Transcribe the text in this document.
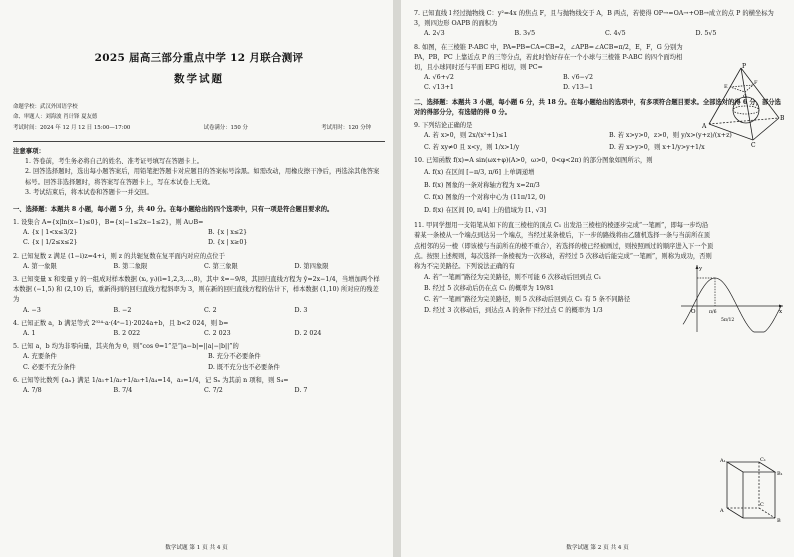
2025 届高三部分重点中学 12 月联合测评
数学试题
命题学校：武汉外国语学校
命、审题人：刘海波 肖计锋 夏友德
考试时间：2024 年 12 月 12 日 15:00—17:00	试卷满分：150 分	考试用时：120 分钟
注意事项：

1. 答卷前，考生务必将自己的姓名、准考证号填写在答题卡上。

2. 回答选择题时，选出每小题答案后，用铅笔把答题卡对应题目的答案标号涂黑。如需改动，用橡皮擦干净后，再选涂其他答案标号。回答非选择题时，将答案写在答题卡上，写在本试卷上无效。

3. 考试结束后，将本试卷和答题卡一并交回。

一、选择题：本题共 8 小题，每小题 5 分，共 40 分。在每小题给出的四个选项中，只有一项是符合题目要求的。
1. 设集合 A={x|ln(x−1)≤0}，B={x|−1≤2x−1≤2}，则 A∪B=
A. {x | 1<x≤3/2}	B. {x | x≤2}
C. {x | 1/2≤x≤2}	D. {x | x≥0}
2. 已知复数 z 满足 (1−i)z=4+i，则 z 的共轭复数在复平面内对应的点位于
A. 第一象限	B. 第二象限	C. 第三象限	D. 第四象限
3. 已知变量 x 和变量 y 的一组成对样本数据 (xᵢ, yᵢ)(i=1,2,3,…,8)，其中 x̄=−9/8，其回归直线方程为 ŷ=2x−1/4，当增加两个样本数据 (−1,5) 和 (2,10) 后，重新得到的回归直线方程斜率为 3，则在新的回归直线方程的估计下，样本数据 (1,10) 所对应的残差为
A. −3	B. −2	C. 2	D. 3
4. 已知正数 a，b 满足等式 2⁰²⁴·a·(4ᵃ−1)·2024a+b，且 b<2 024，则 b=
A. 1	B. 2 022	C. 2 023	D. 2 024
5. 已知 a，b 均为非零向量，其夹角为 θ，则“cos θ=1”是“|a−b|=||a|−|b||”的
A. 充要条件	B. 充分不必要条件
C. 必要不充分条件	D. 既不充分也不必要条件
6. 已知等比数列 {aₙ} 满足 1/a₁+1/a₂+1/a₃+1/a₄=14，a₃=1/4，记 Sₙ 为其前 n 项和，则 S₄=
A. 7/8	B. 7/4	C. 7/2	D. 7
数学试题 第 1 页 共 4 页
7. 已知直线 l 经过抛物线 C：y²=4x 的焦点 F，且与抛物线交于 A，B 两点，若使得 OP→=OA→+OB→成立的点 P 的横坐标为 3，则四边形 OAPB 的面积为
A. 2√3	B. 3√5	C. 4√5	D. 5√5
8. 如图，在三棱锥 P-ABC 中，PA=PB=CA=CB=2，∠APB=∠ACB=π/2，E，F，G 分别为 PA，PB，PC 上靠近点 P 的三等分点，若此时恰好存在一个小球与三棱锥 P-ABC 的四个面均相切，且小球同时还与平面 EFG 相切，则 PC=
A. √6+√2	B. √6−√2
C. √13+1	D. √13−1
二、选择题：本题共 3 小题，每小题 6 分，共 18 分。在每小题给出的选项中，有多项符合题目要求。全部选对的得 6 分，部分选对的得部分分，有选错的得 0 分。
9. 下列结论正确的是
A. 若 x>0，则 2x/(x²+1)≤1	B. 若 x>y>0，z>0，则 y/x>(y+z)/(x+z)
C. 若 xy≠0 且 x<y，则 1/x>1/y	D. 若 x>y>0，则 x+1/y>y+1/x
10. 已知函数 f(x)=A sin(ωx+φ)(A>0，ω>0，0<φ<2π) 的部分图象如图所示，则
A. f(x) 在区间 [−π/3, π/6] 上单调递增
B. f(x) 图象的一条对称轴方程为 x=2π/3
C. f(x) 图象的一个对称中心为 (11π/12, 0)
D. f(x) 在区间 [0, π/4] 上的值域为 [1, √3]
11. 甲同学想用一支铅笔从如下的直三棱柱的顶点 C₁ 出发沿三棱柱的棱逐步完成“一笔画”，即每一步均沿着某一条棱从一个端点到达另一个端点，当经过某条棱后，下一步的路线将由乙随机选择一条与当前所在顶点相邻的另一棱（即该棱与当前所在的棱不重合），若选择的棱已经被画过，则按照画过的顺序进入下一个顶点。按照上述规则，每次选择一条棱视为一次移动，若经过 5 次移动后能完成“一笔画”，则称为成功，否则称为不完美路径。下列说法正确的有
A. 若“一笔画”路径为完美路径，则不可能 6 次移动后回到点 C₁
B. 经过 5 次移动后仍在点 C₁ 的概率为 19/81
C. 若“一笔画”路径为完美路径，则 5 次移动后回到点 C₁ 有 5 条不同路径
D. 经过 3 次移动后，到达点 A 的条件下经过点 C 的概率为 1/3
P
A
B
C
E
F
G
y
x
O	π/6
5π/12
A₁	C₁
B₁
A
C
B
数学试题 第 2 页 共 4 页
